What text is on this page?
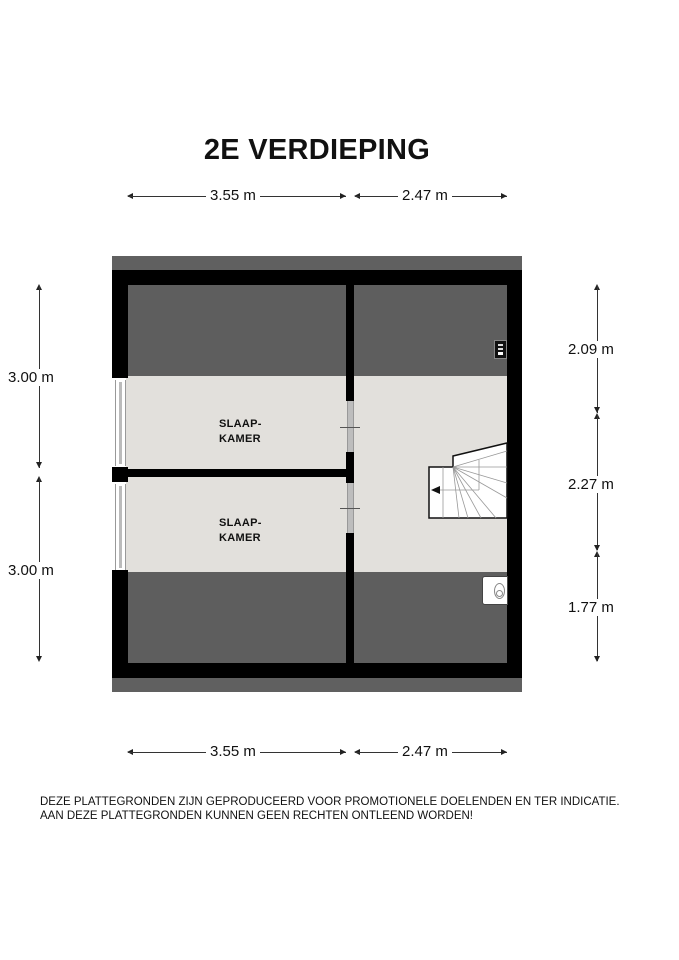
2E VERDIEPING
3.55 m	2.47 m
3.00 m
3.00 m
2.09 m
2.27 m
1.77 m
SLAAP-
KAMER
SLAAP-
KAMER
3.55 m	2.47 m
DEZE PLATTEGRONDEN ZIJN GEPRODUCEERD VOOR PROMOTIONELE DOELENDEN EN TER INDICATIE.
AAN DEZE PLATTEGRONDEN KUNNEN GEEN RECHTEN ONTLEEND WORDEN!
